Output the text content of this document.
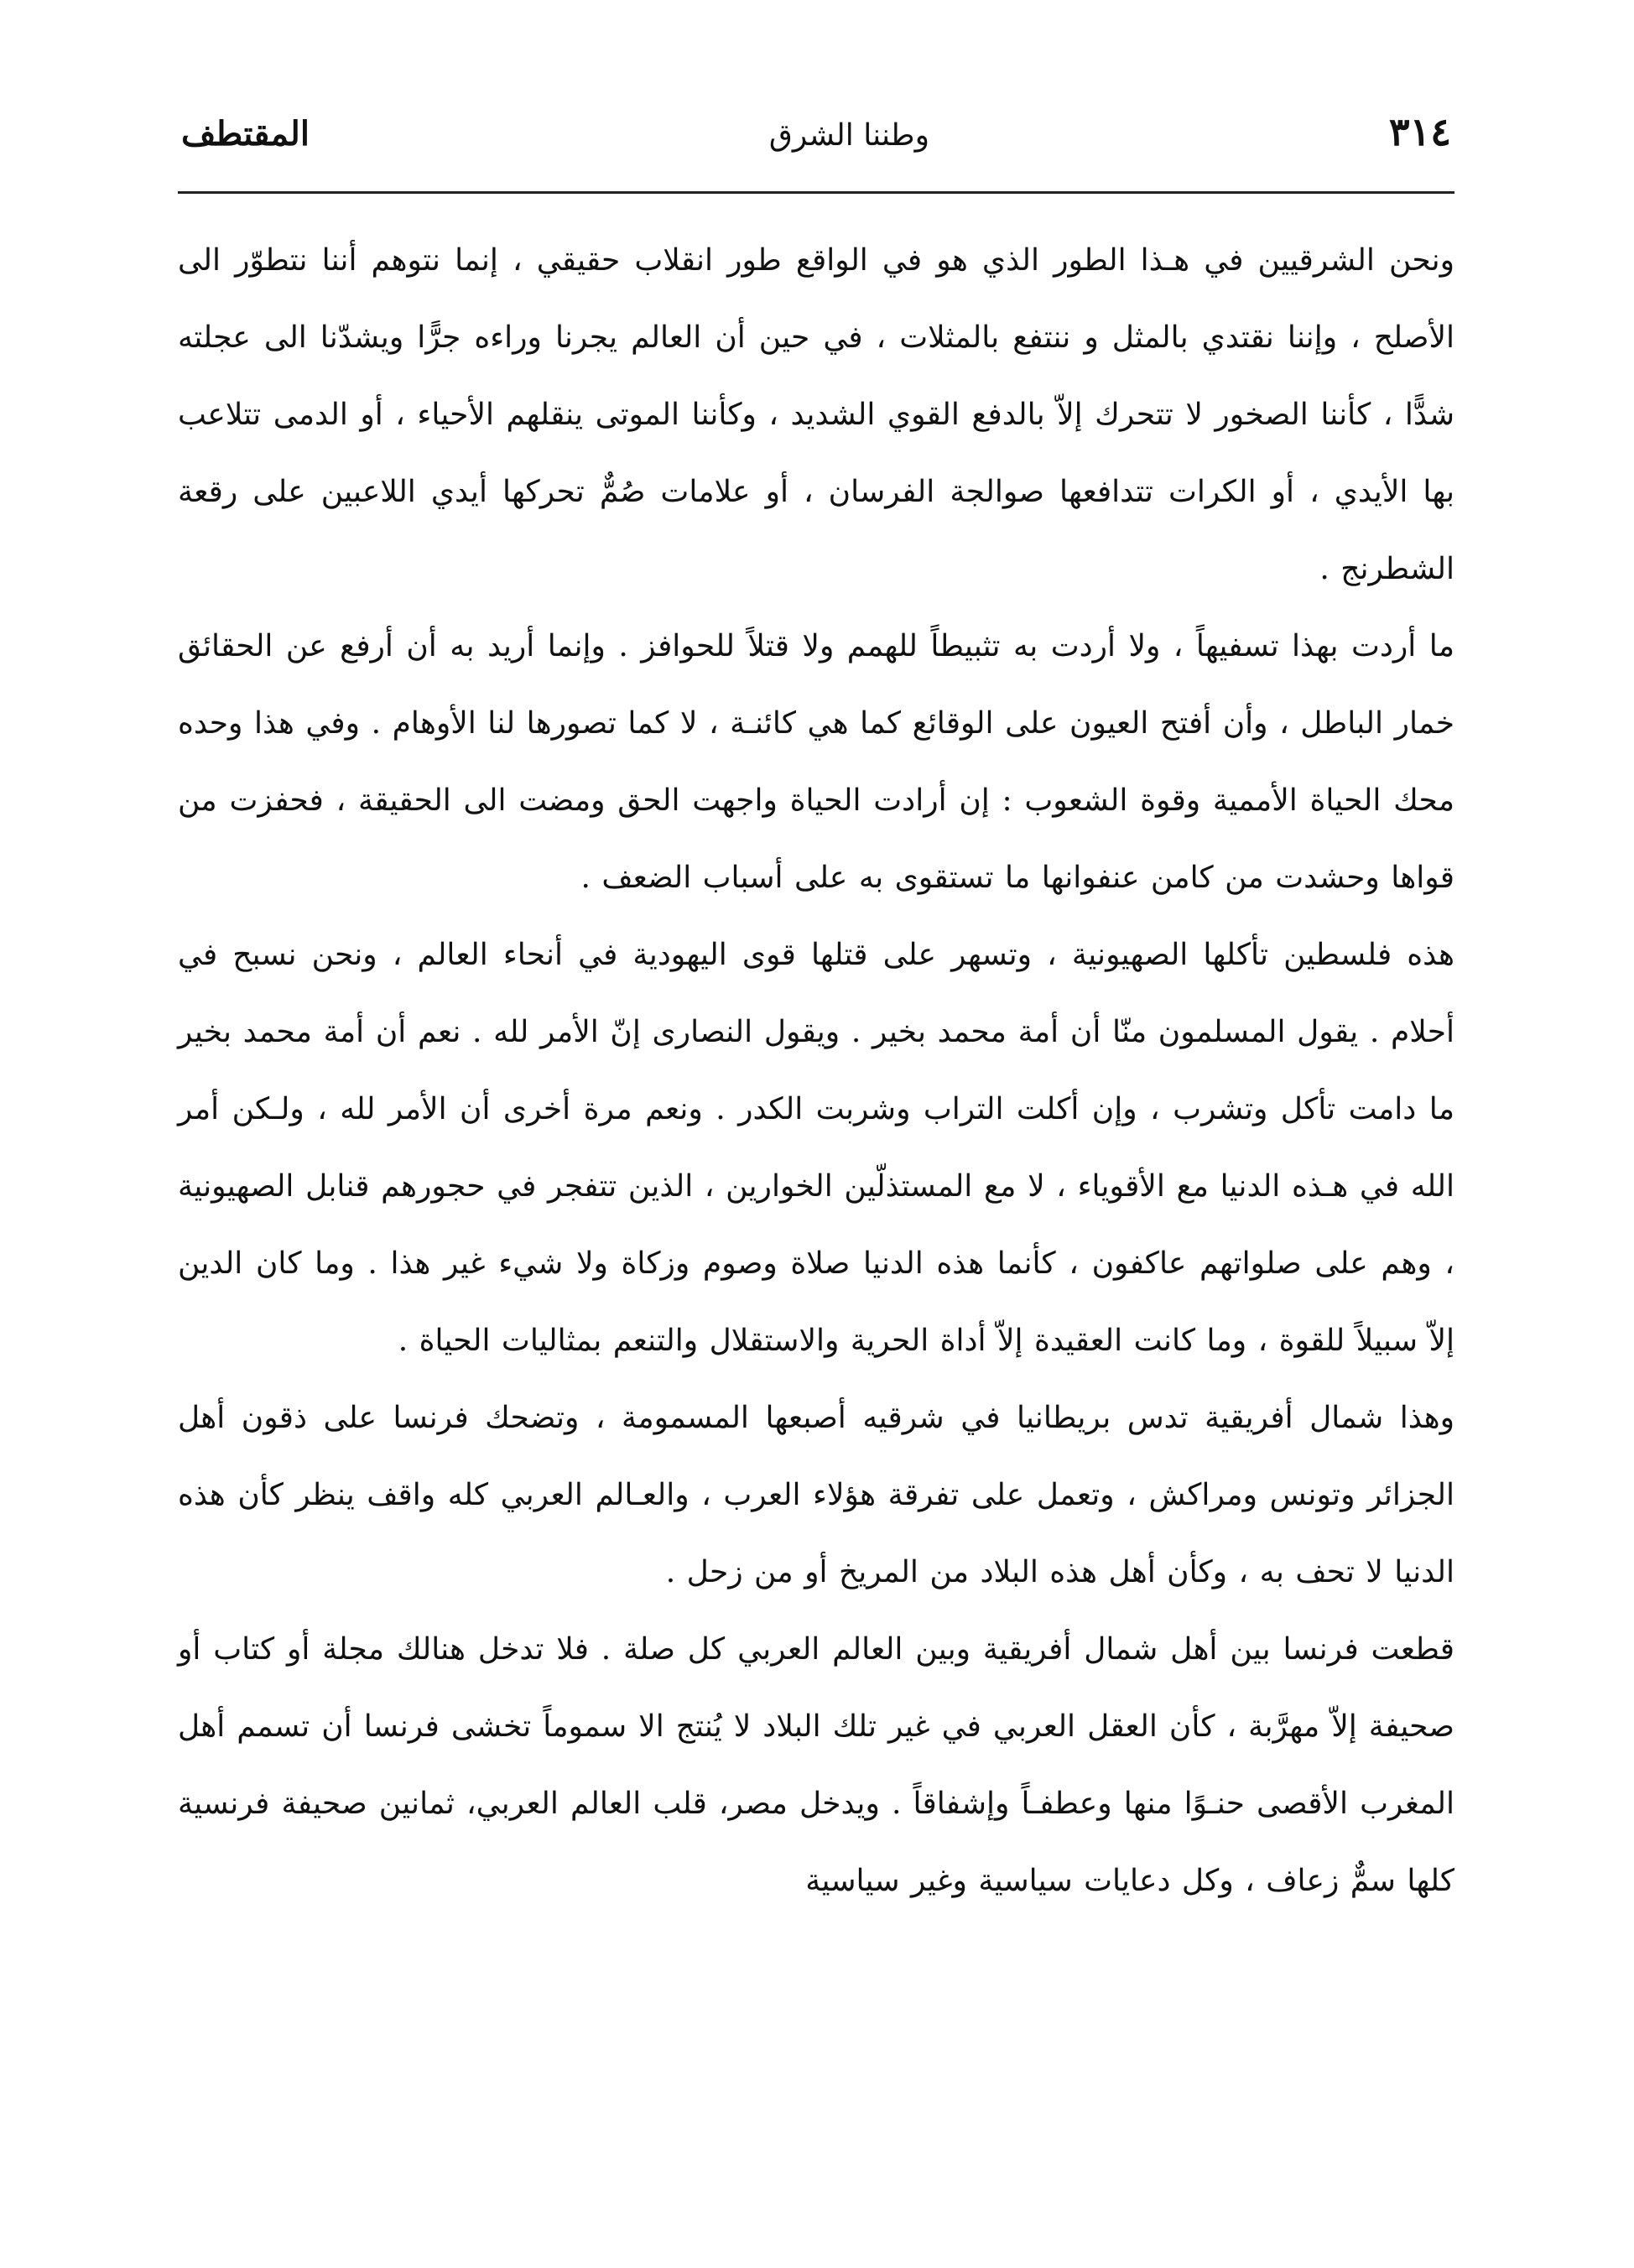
٣١٤
وطننا الشرق
المقتطف

ونحن الشرقيين في هـذا الطور الذي هو في الواقع طور انقلاب حقيقي ، إنما نتوهم أننا نتطوّر الى الأصلح ، وإننا نقتدي بالمثل و ننتفع بالمثلات ، في حين أن العالم يجرنا وراءه جرًّا ويشدّنا الى عجلته شدًّا ، كأننا الصخور لا تتحرك إلاّ بالدفع القوي الشديد ، وكأننا الموتى ينقلهم الأحياء ، أو الدمى تتلاعب بها الأيدي ، أو الكرات تتدافعها صوالجة الفرسان ، أو علامات صُمٌّ تحركها أيدي اللاعبين على رقعة الشطرنج .

ما أردت بهذا تسفيهاً ، ولا أردت به تثبيطاً للهمم ولا قتلاً للحوافز . وإنما أريد به أن أرفع عن الحقائق خمار الباطل ، وأن أفتح العيون على الوقائع كما هي كائنـة ، لا كما تصورها لنا الأوهام . وفي هذا وحده محك الحياة الأممية وقوة الشعوب : إن أرادت الحياة واجهت الحق ومضت الى الحقيقة ، فحفزت من قواها وحشدت من كامن عنفوانها ما تستقوى به على أسباب الضعف .

هذه فلسطين تأكلها الصهيونية ، وتسهر على قتلها قوى اليهودية في أنحاء العالم ، ونحن نسبح في أحلام . يقول المسلمون منّا أن أمة محمد بخير . ويقول النصارى إنّ الأمر لله . نعم أن أمة محمد بخير ما دامت تأكل وتشرب ، وإن أكلت التراب وشربت الكدر . ونعم مرة أخرى أن الأمر لله ، ولـكن أمر الله في هـذه الدنيا مع الأقوياء ، لا مع المستذلّين الخوارين ، الذين تتفجر في حجورهم قنابل الصهيونية ، وهم على صلواتهم عاكفون ، كأنما هذه الدنيا صلاة وصوم وزكاة ولا شيء غير هذا . وما كان الدين إلاّ سبيلاً للقوة ، وما كانت العقيدة إلاّ أداة الحرية والاستقلال والتنعم بمثاليات الحياة .

وهذا شمال أفريقية تدس بريطانيا في شرقيه أصبعها المسمومة ، وتضحك فرنسا على ذقون أهل الجزائر وتونس ومراكش ، وتعمل على تفرقة هؤلاء العرب ، والعـالم العربي كله واقف ينظر كأن هذه الدنيا لا تحف به ، وكأن أهل هذه البلاد من المريخ أو من زحل .

قطعت فرنسا بين أهل شمال أفريقية وبين العالم العربي كل صلة . فلا تدخل هنالك مجلة أو كتاب أو صحيفة إلاّ مهرَّبة ، كأن العقل العربي في غير تلك البلاد لا يُنتج الا سموماً تخشى فرنسا أن تسمم أهل المغرب الأقصى حنـوًا منها وعطفـاً وإشفاقاً . ويدخل مصر، قلب العالم العربي، ثمانين صحيفة فرنسية كلها سمٌّ زعاف ، وكل دعايات سياسية وغير سياسية
